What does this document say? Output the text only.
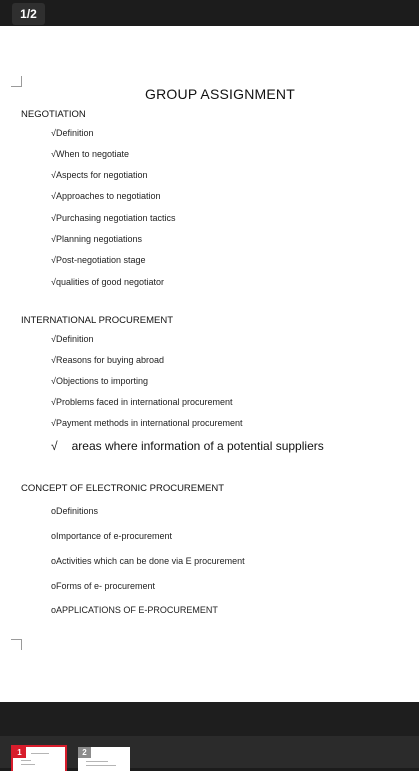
1/2
GROUP ASSIGNMENT
NEGOTIATION
√Definition
√When to negotiate
√Aspects for negotiation
√Approaches to negotiation
√Purchasing negotiation tactics
√Planning negotiations
√Post-negotiation stage
√qualities of good negotiator
INTERNATIONAL PROCUREMENT
√Definition
√Reasons for buying abroad
√Objections to importing
√Problems faced in international procurement
√Payment methods in international procurement
√ areas where information of a potential suppliers
CONCEPT OF ELECTRONIC PROCUREMENT
oDefinitions
oImportance of e-procurement
oActivities which can be done via E procurement
oForms of e- procurement
oAPPLICATIONS OF E-PROCUREMENT
1	2
